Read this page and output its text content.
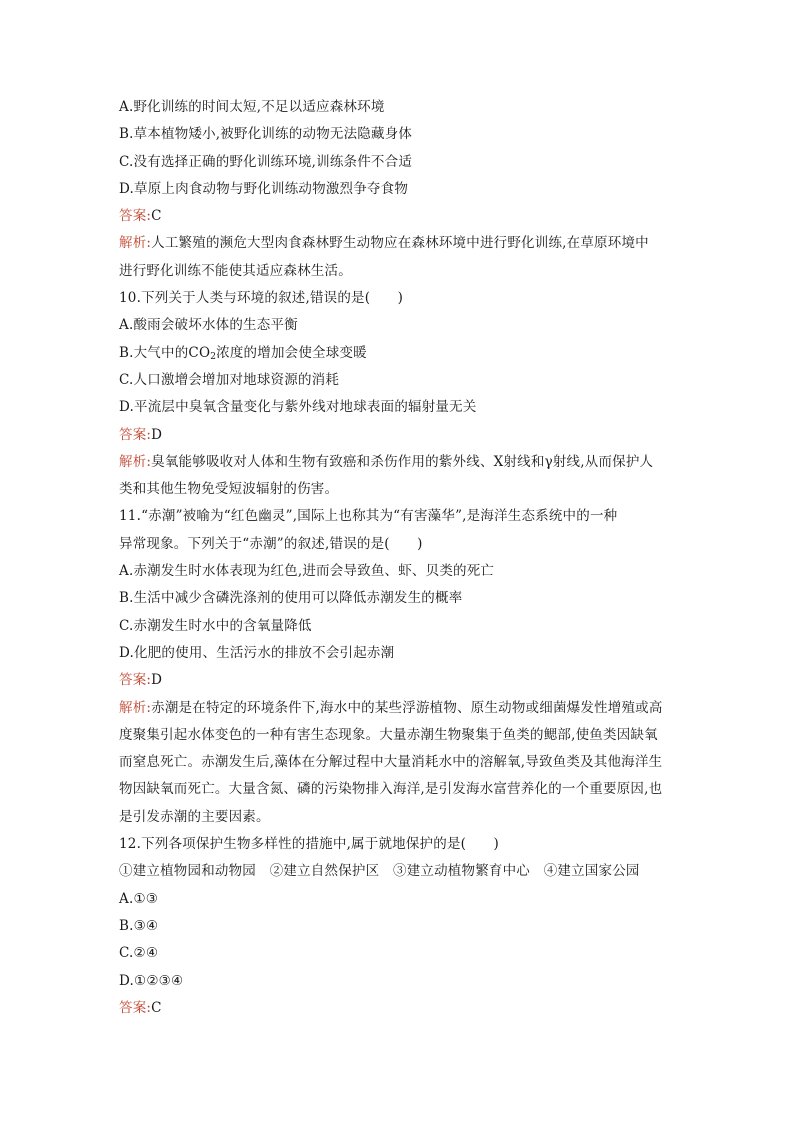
A.野化训练的时间太短,不足以适应森林环境
B.草本植物矮小,被野化训练的动物无法隐藏身体
C.没有选择正确的野化训练环境,训练条件不合适
D.草原上肉食动物与野化训练动物激烈争夺食物
答案:C
解析:人工繁殖的濒危大型肉食森林野生动物应在森林环境中进行野化训练,在草原环境中
进行野化训练不能使其适应森林生活。
10.下列关于人类与环境的叙述,错误的是(　　)
A.酸雨会破坏水体的生态平衡
B.大气中的$CO_2$浓度的增加会使全球变暖
C.人口激增会增加对地球资源的消耗
D.平流层中臭氧含量变化与紫外线对地球表面的辐射量无关
答案:D
解析:臭氧能够吸收对人体和生物有致癌和杀伤作用的紫外线、X射线和γ射线,从而保护人
类和其他生物免受短波辐射的伤害。
11.“赤潮”被喻为“红色幽灵”,国际上也称其为“有害藻华”,是海洋生态系统中的一种
异常现象。下列关于“赤潮”的叙述,错误的是(　　)
A.赤潮发生时水体表现为红色,进而会导致鱼、虾、贝类的死亡
B.生活中减少含磷洗涤剂的使用可以降低赤潮发生的概率
C.赤潮发生时水中的含氧量降低
D.化肥的使用、生活污水的排放不会引起赤潮
答案:D
解析:赤潮是在特定的环境条件下,海水中的某些浮游植物、原生动物或细菌爆发性增殖或高
度聚集引起水体变色的一种有害生态现象。大量赤潮生物聚集于鱼类的鳃部,使鱼类因缺氧
而窒息死亡。赤潮发生后,藻体在分解过程中大量消耗水中的溶解氧,导致鱼类及其他海洋生
物因缺氧而死亡。大量含氮、磷的污染物排入海洋,是引发海水富营养化的一个重要原因,也
是引发赤潮的主要因素。
12.下列各项保护生物多样性的措施中,属于就地保护的是(　　)
①建立植物园和动物园　②建立自然保护区　③建立动植物繁育中心　④建立国家公园
A.①③
B.③④
C.②④
D.①②③④
答案:C
